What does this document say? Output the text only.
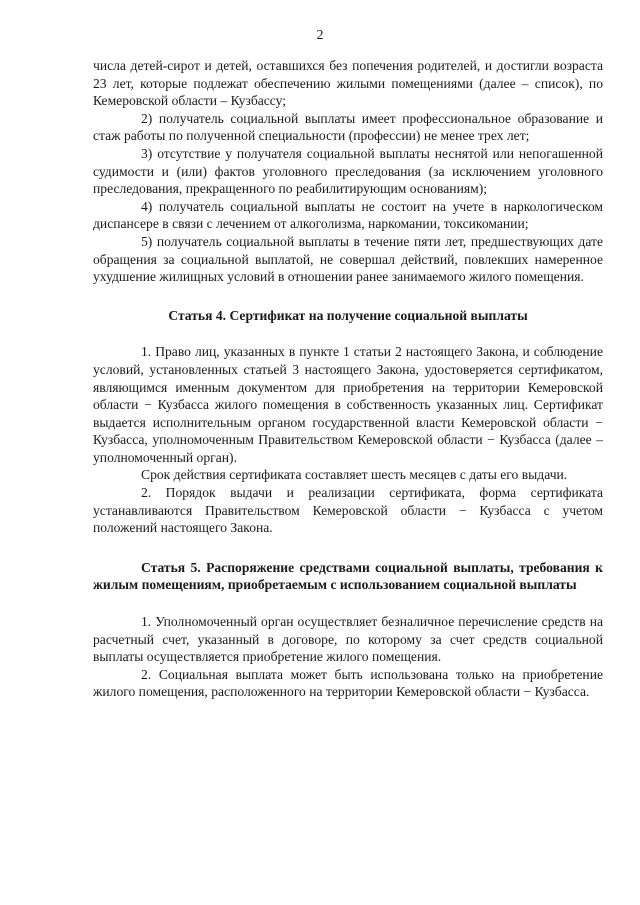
2

числа детей-сирот и детей, оставшихся без попечения родителей, и достигли возраста 23 лет, которые подлежат обеспечению жилыми помещениями (далее – список), по Кемеровской области – Кузбассу;

2) получатель социальной выплаты имеет профессиональное образование и стаж работы по полученной специальности (профессии) не менее трех лет;

3) отсутствие у получателя социальной выплаты неснятой или непогашенной судимости и (или) фактов уголовного преследования (за исключением уголовного преследования, прекращенного по реабилитирующим основаниям);

4) получатель социальной выплаты не состоит на учете в наркологическом диспансере в связи с лечением от алкоголизма, наркомании, токсикомании;

5) получатель социальной выплаты в течение пяти лет, предшествующих дате обращения за социальной выплатой, не совершал действий, повлекших намеренное ухудшение жилищных условий в отношении ранее занимаемого жилого помещения.

Статья 4. Сертификат на получение социальной выплаты

1. Право лиц, указанных в пункте 1 статьи 2 настоящего Закона, и соблюдение условий, установленных статьей 3 настоящего Закона, удостоверяется сертификатом, являющимся именным документом для приобретения на территории Кемеровской области − Кузбасса жилого помещения в собственность указанных лиц. Сертификат выдается исполнительным органом государственной власти Кемеровской области − Кузбасса, уполномоченным Правительством Кемеровской области − Кузбасса (далее – уполномоченный орган).

Срок действия сертификата составляет шесть месяцев с даты его выдачи.

2. Порядок выдачи и реализации сертификата, форма сертификата устанавливаются Правительством Кемеровской области − Кузбасса с учетом положений настоящего Закона.

Статья 5. Распоряжение средствами социальной выплаты, требования к жилым помещениям, приобретаемым с использованием социальной выплаты

1. Уполномоченный орган осуществляет безналичное перечисление средств на расчетный счет, указанный в договоре, по которому за счет средств социальной выплаты осуществляется приобретение жилого помещения.

2. Социальная выплата может быть использована только на приобретение жилого помещения, расположенного на территории Кемеровской области − Кузбасса.
